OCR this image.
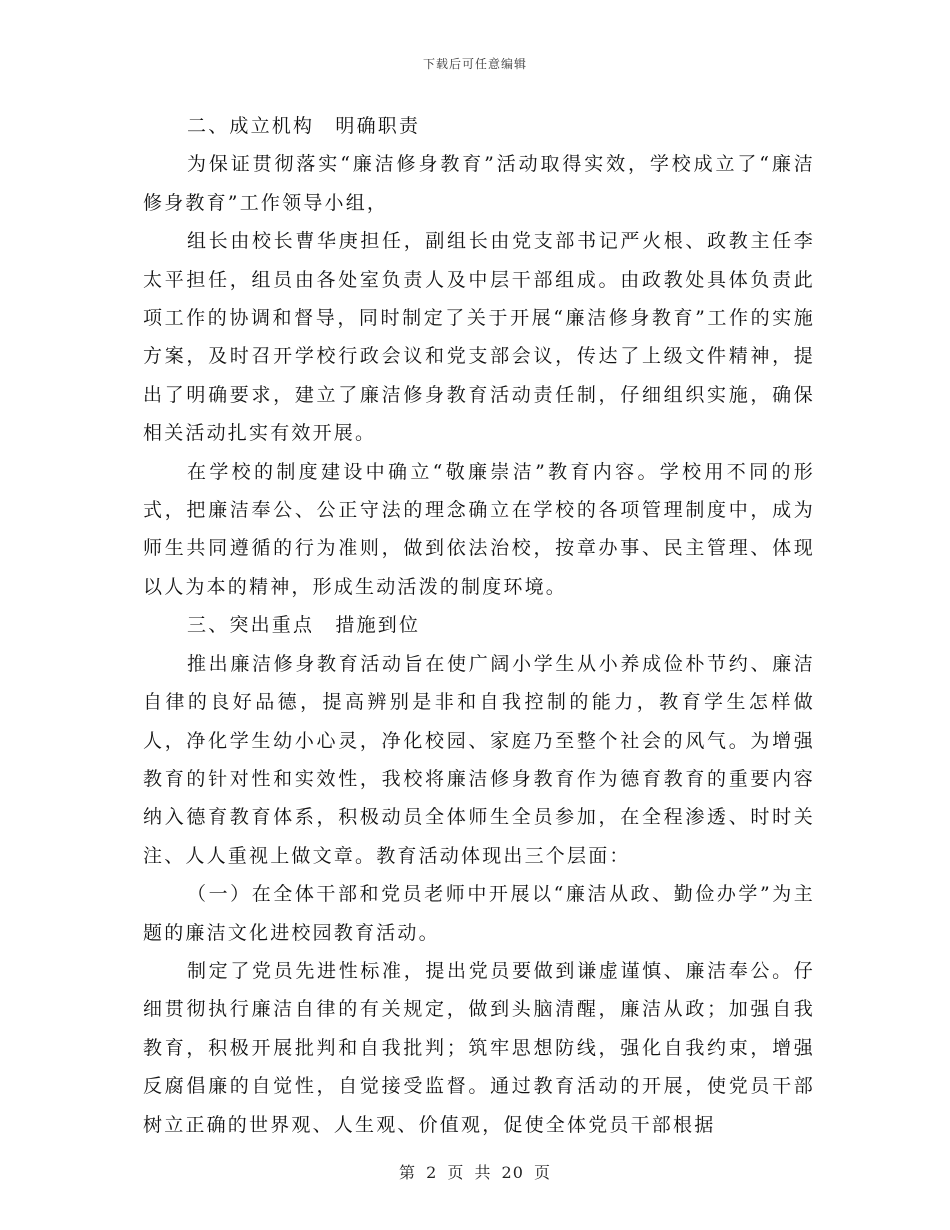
下载后可任意编辑

二、成立机构　明确职责

为保证贯彻落实“廉洁修身教育”活动取得实效，学校成立了“廉洁修身教育”工作领导小组，

组长由校长曹华庚担任，副组长由党支部书记严火根、政教主任李太平担任，组员由各处室负责人及中层干部组成。由政教处具体负责此项工作的协调和督导，同时制定了关于开展“廉洁修身教育”工作的实施方案，及时召开学校行政会议和党支部会议，传达了上级文件精神，提出了明确要求，建立了廉洁修身教育活动责任制，仔细组织实施，确保相关活动扎实有效开展。

在学校的制度建设中确立“敬廉崇洁”教育内容。学校用不同的形式，把廉洁奉公、公正守法的理念确立在学校的各项管理制度中，成为师生共同遵循的行为准则，做到依法治校，按章办事、民主管理、体现以人为本的精神，形成生动活泼的制度环境。

三、突出重点　措施到位

推出廉洁修身教育活动旨在使广阔小学生从小养成俭朴节约、廉洁自律的良好品德，提高辨别是非和自我控制的能力，教育学生怎样做人，净化学生幼小心灵，净化校园、家庭乃至整个社会的风气。为增强教育的针对性和实效性，我校将廉洁修身教育作为德育教育的重要内容纳入德育教育体系，积极动员全体师生全员参加，在全程渗透、时时关注、人人重视上做文章。教育活动体现出三个层面：

（一）在全体干部和党员老师中开展以“廉洁从政、勤俭办学”为主题的廉洁文化进校园教育活动。

制定了党员先进性标准，提出党员要做到谦虚谨慎、廉洁奉公。仔细贯彻执行廉洁自律的有关规定，做到头脑清醒，廉洁从政；加强自我教育，积极开展批判和自我批判；筑牢思想防线，强化自我约束，增强反腐倡廉的自觉性，自觉接受监督。通过教育活动的开展，使党员干部树立正确的世界观、人生观、价值观，促使全体党员干部根据

第 2 页 共 20 页
